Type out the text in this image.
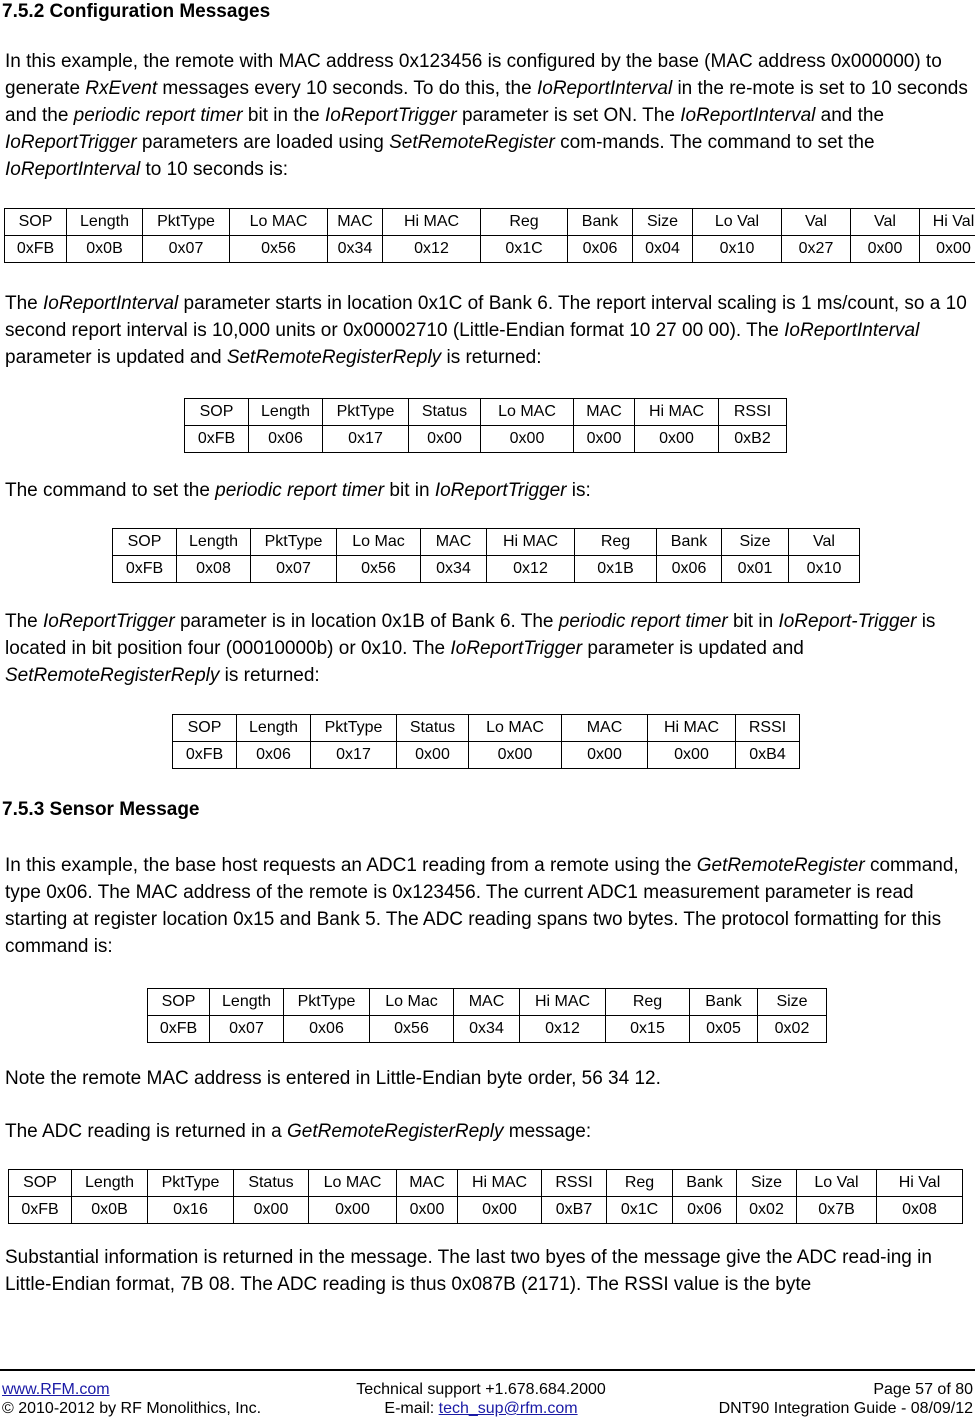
7.5.2 Configuration Messages
In this example, the remote with MAC address 0x123456 is configured by the base (MAC address 0x000000) to generate RxEvent messages every 10 seconds. To do this, the IoReportInterval in the re-mote is set to 10 seconds and the periodic report timer bit in the IoReportTrigger parameter is set ON. The IoReportInterval and the IoReportTrigger parameters are loaded using SetRemoteRegister com-mands. The command to set the IoReportInterval to 10 seconds is:
SOP	Length	PktType	Lo MAC	MAC	Hi MAC	Reg	Bank	Size	Lo Val	Val	Val	Hi Val
0xFB	0x0B	0x07	0x56	0x34	0x12	0x1C	0x06	0x04	0x10	0x27	0x00	0x00
The IoReportInterval parameter starts in location 0x1C of Bank 6. The report interval scaling is 1 ms/count, so a 10 second report interval is 10,000 units or 0x00002710 (Little-Endian format 10 27 00 00). The IoReportInterval parameter is updated and SetRemoteRegisterReply is returned:
SOP	Length	PktType	Status	Lo MAC	MAC	Hi MAC	RSSI
0xFB	0x06	0x17	0x00	0x00	0x00	0x00	0xB2
The command to set the periodic report timer bit in IoReportTrigger is:
SOP	Length	PktType	Lo Mac	MAC	Hi MAC	Reg	Bank	Size	Val
0xFB	0x08	0x07	0x56	0x34	0x12	0x1B	0x06	0x01	0x10
The IoReportTrigger parameter is in location 0x1B of Bank 6. The periodic report timer bit in IoReport-Trigger is located in bit position four (00010000b) or 0x10. The IoReportTrigger parameter is updated and SetRemoteRegisterReply is returned:
SOP	Length	PktType	Status	Lo MAC	MAC	Hi MAC	RSSI
0xFB	0x06	0x17	0x00	0x00	0x00	0x00	0xB4
7.5.3 Sensor Message
In this example, the base host requests an ADC1 reading from a remote using the GetRemoteRegister command, type 0x06. The MAC address of the remote is 0x123456. The current ADC1 measurement parameter is read starting at register location 0x15 and Bank 5. The ADC reading spans two bytes. The protocol formatting for this command is:
SOP	Length	PktType	Lo Mac	MAC	Hi MAC	Reg	Bank	Size
0xFB	0x07	0x06	0x56	0x34	0x12	0x15	0x05	0x02
Note the remote MAC address is entered in Little-Endian byte order, 56 34 12.
The ADC reading is returned in a GetRemoteRegisterReply message:
SOP	Length	PktType	Status	Lo MAC	MAC	Hi MAC	RSSI	Reg	Bank	Size	Lo Val	Hi Val
0xFB	0x0B	0x16	0x00	0x00	0x00	0x00	0xB7	0x1C	0x06	0x02	0x7B	0x08
Substantial information is returned in the message. The last two byes of the message give the ADC read-ing in Little-Endian format, 7B 08. The ADC reading is thus 0x087B (2171). The RSSI value is the byte
www.RFM.com
© 2010-2012 by RF Monolithics, Inc.
Technical support +1.678.684.2000
E-mail: tech_sup@rfm.com
Page 57 of 80
DNT90 Integration Guide - 08/09/12
